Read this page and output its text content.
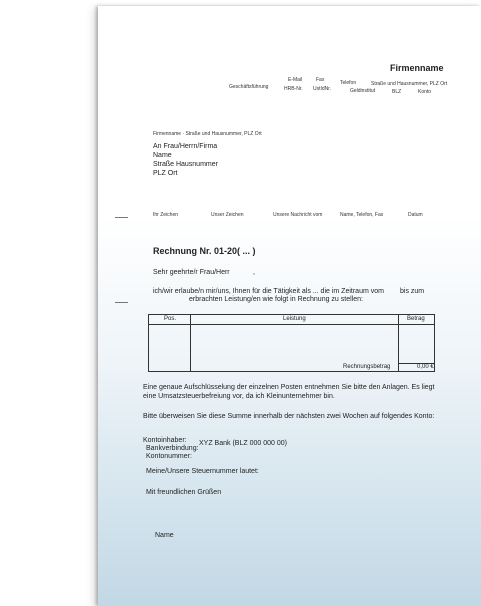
Firmenname
Geschäftsführung
E-Mail
HRB-Nr.
Fax
UstIdNr.
Telefon
Geldinstitut
Straße und Hausnummer, PLZ Ort
BLZ	Konto
Firmenname · Straße und Hausnummer, PLZ Ort
An Frau/Herrn/Firma
Name
Straße Hausnummer
PLZ Ort
Ihr Zeichen	Unser Zeichen	Unsere Nachricht vom	Name, Telefon, Fax	Datum
Rechnung Nr. 01-20( ... )
Sehr geehrte/r Frau/Herr	,
ich/wir erlaube/n mir/uns, Ihnen für die Tätigkeit als ... die im Zeitraum vom bis zum
erbrachten Leistung/en wie folgt in Rechnung zu stellen:
Pos.	Leistung	Betrag
Rechnungsbetrag	0,00 €
Eine genaue Aufschlüsselung der einzelnen Posten entnehmen Sie bitte den Anlagen. Es liegt
eine Umsatzsteuerbefreiung vor, da ich Kleinunternehmer bin.
Bitte überweisen Sie diese Summe innerhalb der nächsten zwei Wochen auf folgendes Konto:
Kontoinhaber:
Bankverbindung:
XYZ Bank (BLZ 000 000 00)
Kontonummer:
Meine/Unsere Steuernummer lautet:
Mit freundlichen Grüßen
Name
